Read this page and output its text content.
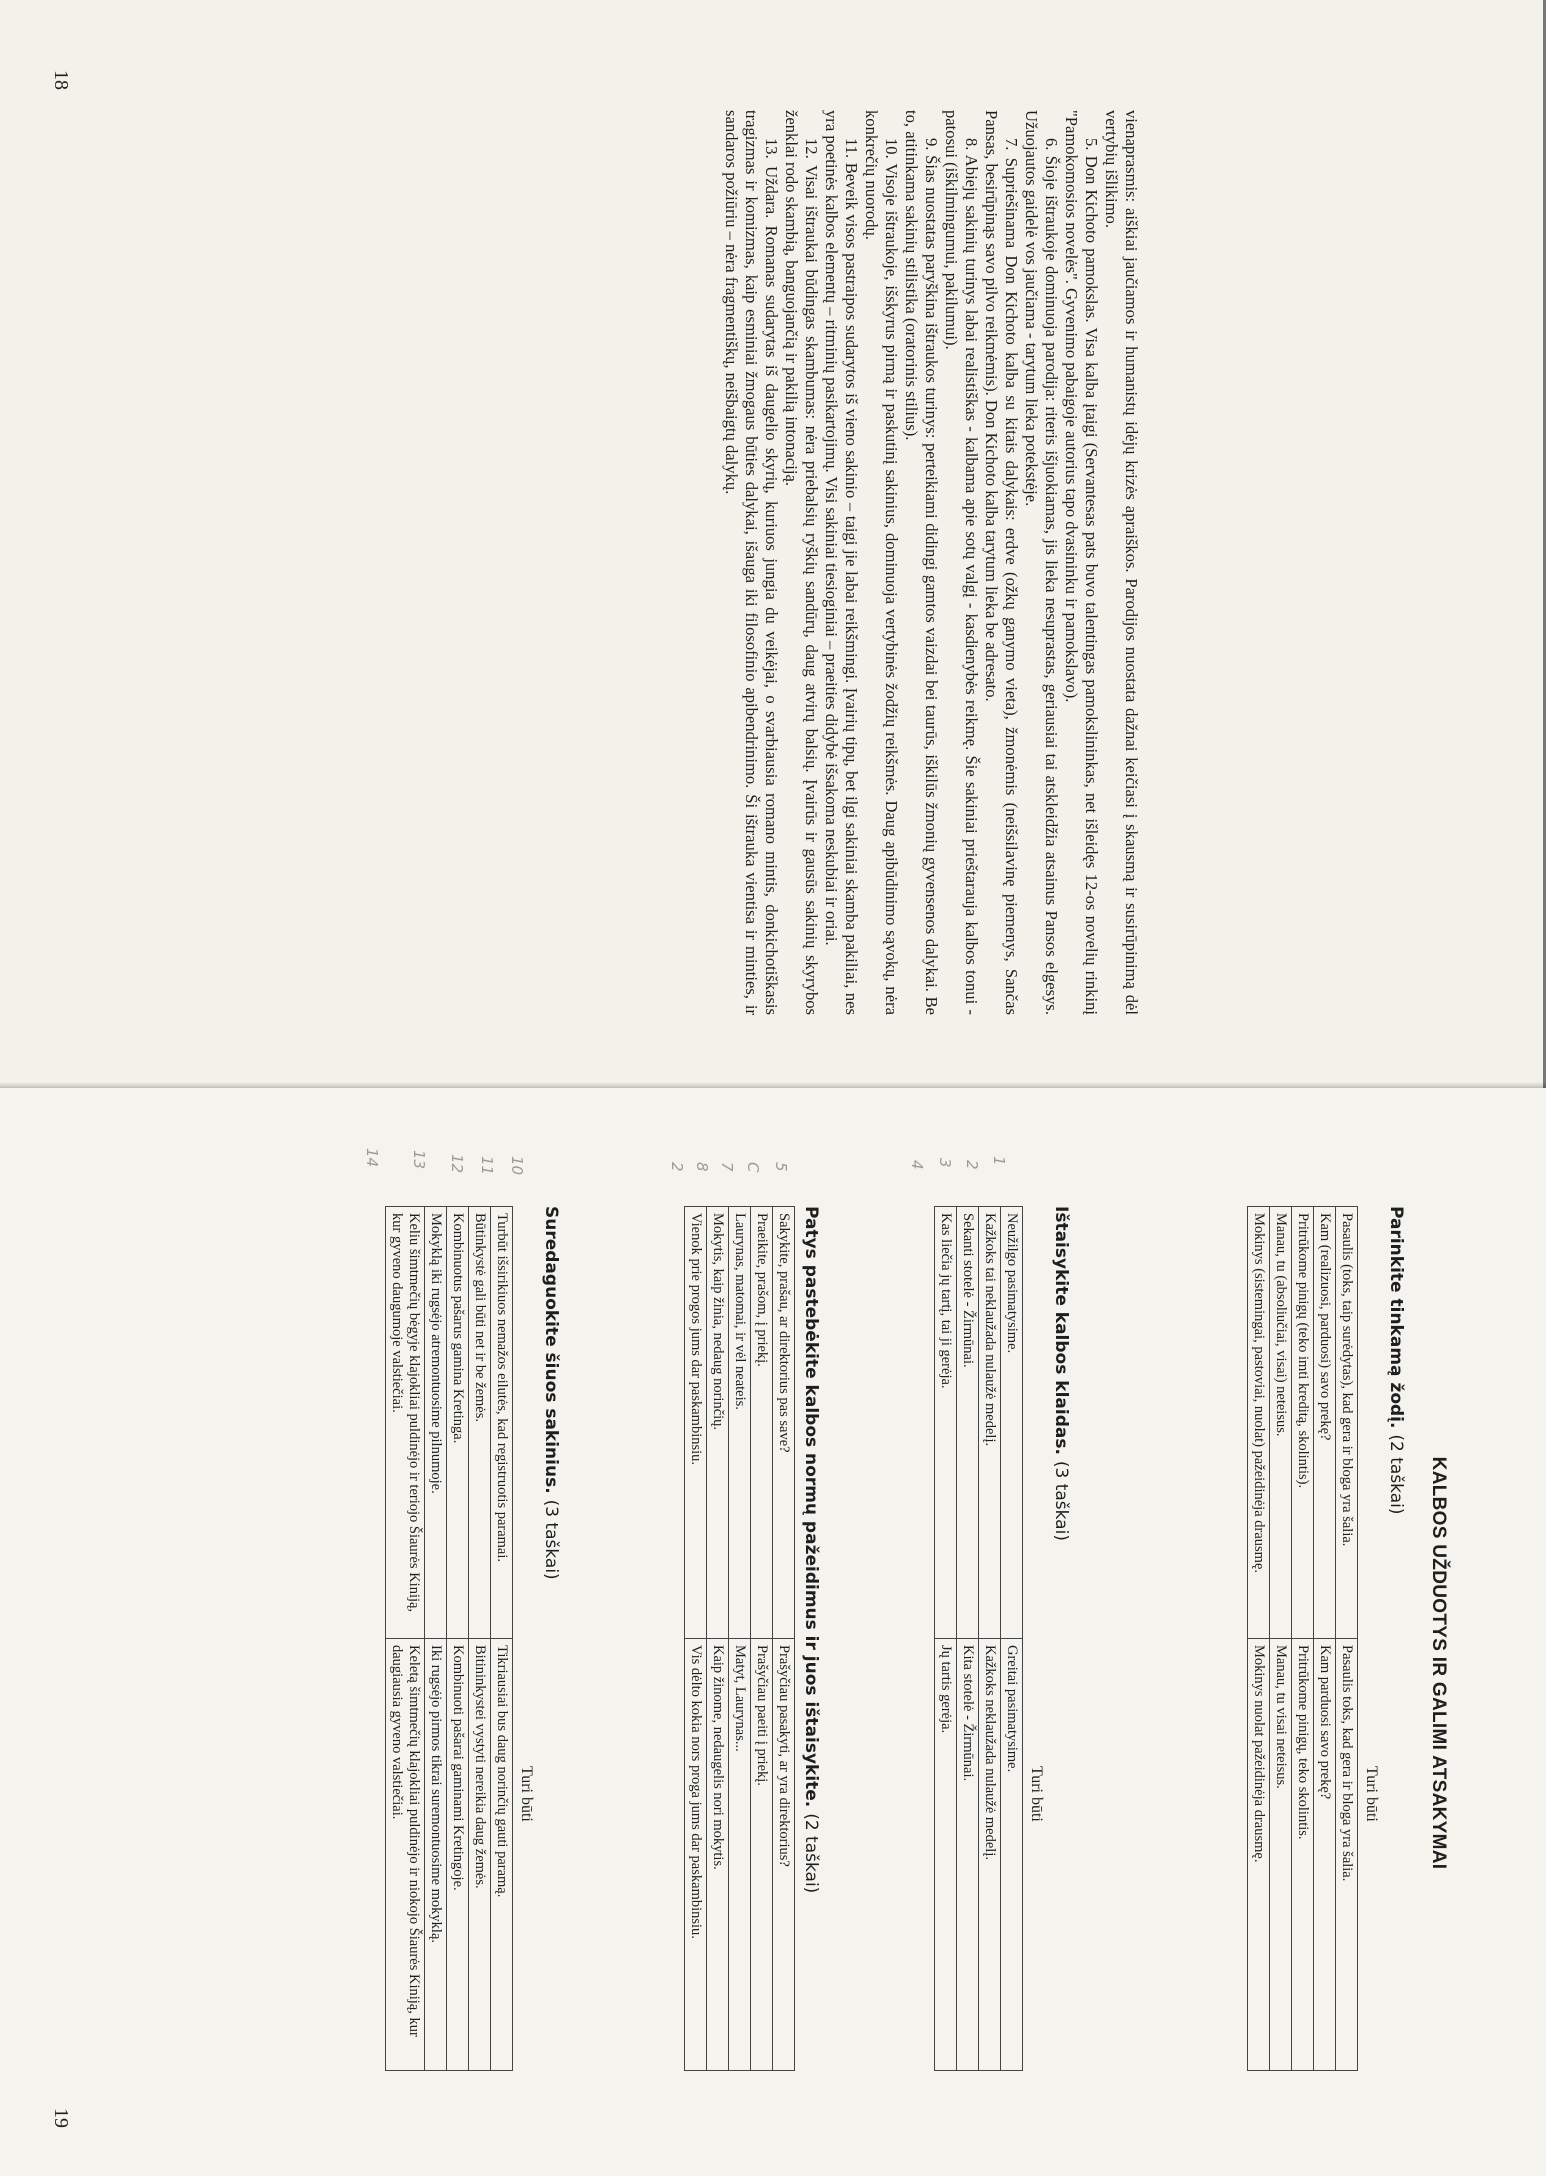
vienaprasmis: aiškiai jaučiamos ir humanistų idėjų krizės apraiškos. Parodijos nuostata dažnai keičiasi į skausmą ir susirūpinimą dėl vertybių išlikimo.

5. Don Kichoto pamokslas. Visa kalba įtaigi (Servantesas pats buvo talentingas pamokslininkas, net išleidęs 12-os novelių rinkinį "Pamokomosios novelės". Gyvenimo pabaigoje autorius tapo dvasininku ir pamokslavo).

6. Šioje ištraukoje dominuoja parodija: riteris išjuokiamas, jis lieka nesuprastas, geriausiai tai atskleidžia atsainus Pansos elgesys. Užuojautos gaidelė vos jaučiama - tarytum lieka potekstėje.

7. Supriešinama Don Kichoto kalba su kitais dalykais: erdve (ožkų ganymo vieta), žmonėmis (neišsilavinę piemenys, Sančas Pansas, besirūpinąs savo pilvo reikmėmis). Don Kichoto kalba tarytum lieka be adresato.

8. Abiejų sakinių turinys labai realistiškas - kalbama apie sotų valgį - kasdienybės reikmę. Šie sakiniai prieštarauja kalbos tonui - patosui (iškilmingumui, pakilumui).

9. Šias nuostatas paryškina ištraukos turinys: perteikiami didingi gamtos vaizdai bei taurūs, iškilūs žmonių gyvensenos dalykai. Be to, atitinkama sakinių stilistika (oratorinis stilius).

10. Visoje ištraukoje, išskyrus pirmą ir paskutinį sakinius, dominuoja vertybinės žodžių reikšmės. Daug apibūdinimo sąvokų, nėra konkrečių nuorodų.

11. Beveik visos pastraipos sudarytos iš vieno sakinio – taigi jie labai reikšmingi. Įvairių tipų, bet ilgi sakiniai skamba pakiliai, nes yra poetinės kalbos elementų – ritminių pasikartojimų. Visi sakiniai tiesioginiai – praeities didybė išsakoma neskubiai ir oriai.

12. Visai ištraukai būdingas skambumas: nėra priebalsių ryškių sandūrų, daug atvirų balsių. Įvairūs ir gausūs sakinių skyrybos ženklai rodo skambią, banguojančią ir pakilią intonaciją.

13. Uždara. Romanas sudarytas iš daugelio skyrių, kuriuos jungia du veikėjai, o svarbiausia romano mintis, donkichotiškasis tragizmas ir komizmas, kaip esminiai žmogaus būties dalykai, išauga iki filosofinio apibendrinimo. Ši ištrauka vientisa ir minties, ir sandaros požiūriu – nėra fragmentiškų, neišbaigtų dalykų.

18
KALBOS UŽDUOTYS IR GALIMI ATSAKYMAI
Parinkite tinkamą žodį. (2 taškai)
Turi būti
Pasaulis (toks, taip surėdytas), kad gera ir bloga yra šalia.	Pasaulis toks, kad gera ir bloga yra šalia.
Kam (realizuosi, parduosi) savo prekę?	Kam parduosi savo prekę?
Pritrūkome pinigų (teko imti kreditą, skolintis).	Pritrūkome pinigų, teko skolintis.
Manau, tu (absoliučiai, visai) neteisus.	Manau, tu visai neteisus.
Mokinys (sistemingai, pastoviai, nuolat) pažeidinėja drausmę.	Mokinys nuolat pažeidinėja drausmę.
Ištaisykite kalbos klaidas. (3 taškai)
Turi būti
Neužilgo pasimatysime.	Greitai pasimatysime.
Kažkoks tai neklaužada nulaužė medelį.	Kažkoks neklaužada nulaužė medelį.
Sekanti stotelė - Žirmūnai.	Kita stotelė - Žirmūnai.
Kas liečia jų tartį, tai ji gerėja.	Jų tartis gerėja.
Patys pastebėkite kalbos normų pažeidimus ir juos ištaisykite. (2 taškai)
Sakykite, prašau, ar direktorius pas save?	Prašyčiau pasakyti, ar yra direktorius?
Praeikite, prašom, į priekį.	Prašyčiau paeiti į priekį.
Laurynas, matomai, ir vėl neateis.	Matyt, Laurynas...
Mokytis, kaip žinia, nedaug norinčių.	Kaip žinome, nedaugelis nori mokytis.
Vienok prie progos jums dar paskambinsiu.	Vis dėlto kokia nors proga jums dar paskambinsiu.
Suredaguokite šiuos sakinius. (3 taškai)
Turi būti
Turbūt išsirikiuos nemažos eilutės, kad registruotis paramai.	Tikriausiai bus daug norinčių gauti paramą.
Būtinkystė gali būti net ir be žemės.	Bitininkystei vystyti nereikia daug žemės.
Kombinuotus pašarus gamina Kretinga.	Kombinuoti pašarai gaminami Kretingoje.
Mokyklą iki rugsėjo atremontuosime pilnumoje.	Iki rugsėjo pirmos tikrai suremontuosime mokyklą.
Keliu šimtmečių bėgyje klajokliai puldinėjo ir teriojo Šiaurės Kiniją, kur gyveno daugumoje valstiečiai.	Keletą šimtmečių klajokliai puldinėjo ir niokojo Šiaurės Kiniją, kur daugiausia gyveno valstiečiai.
1
2
3
4
5
C
7
8
2
10
11
12
13
14
19
